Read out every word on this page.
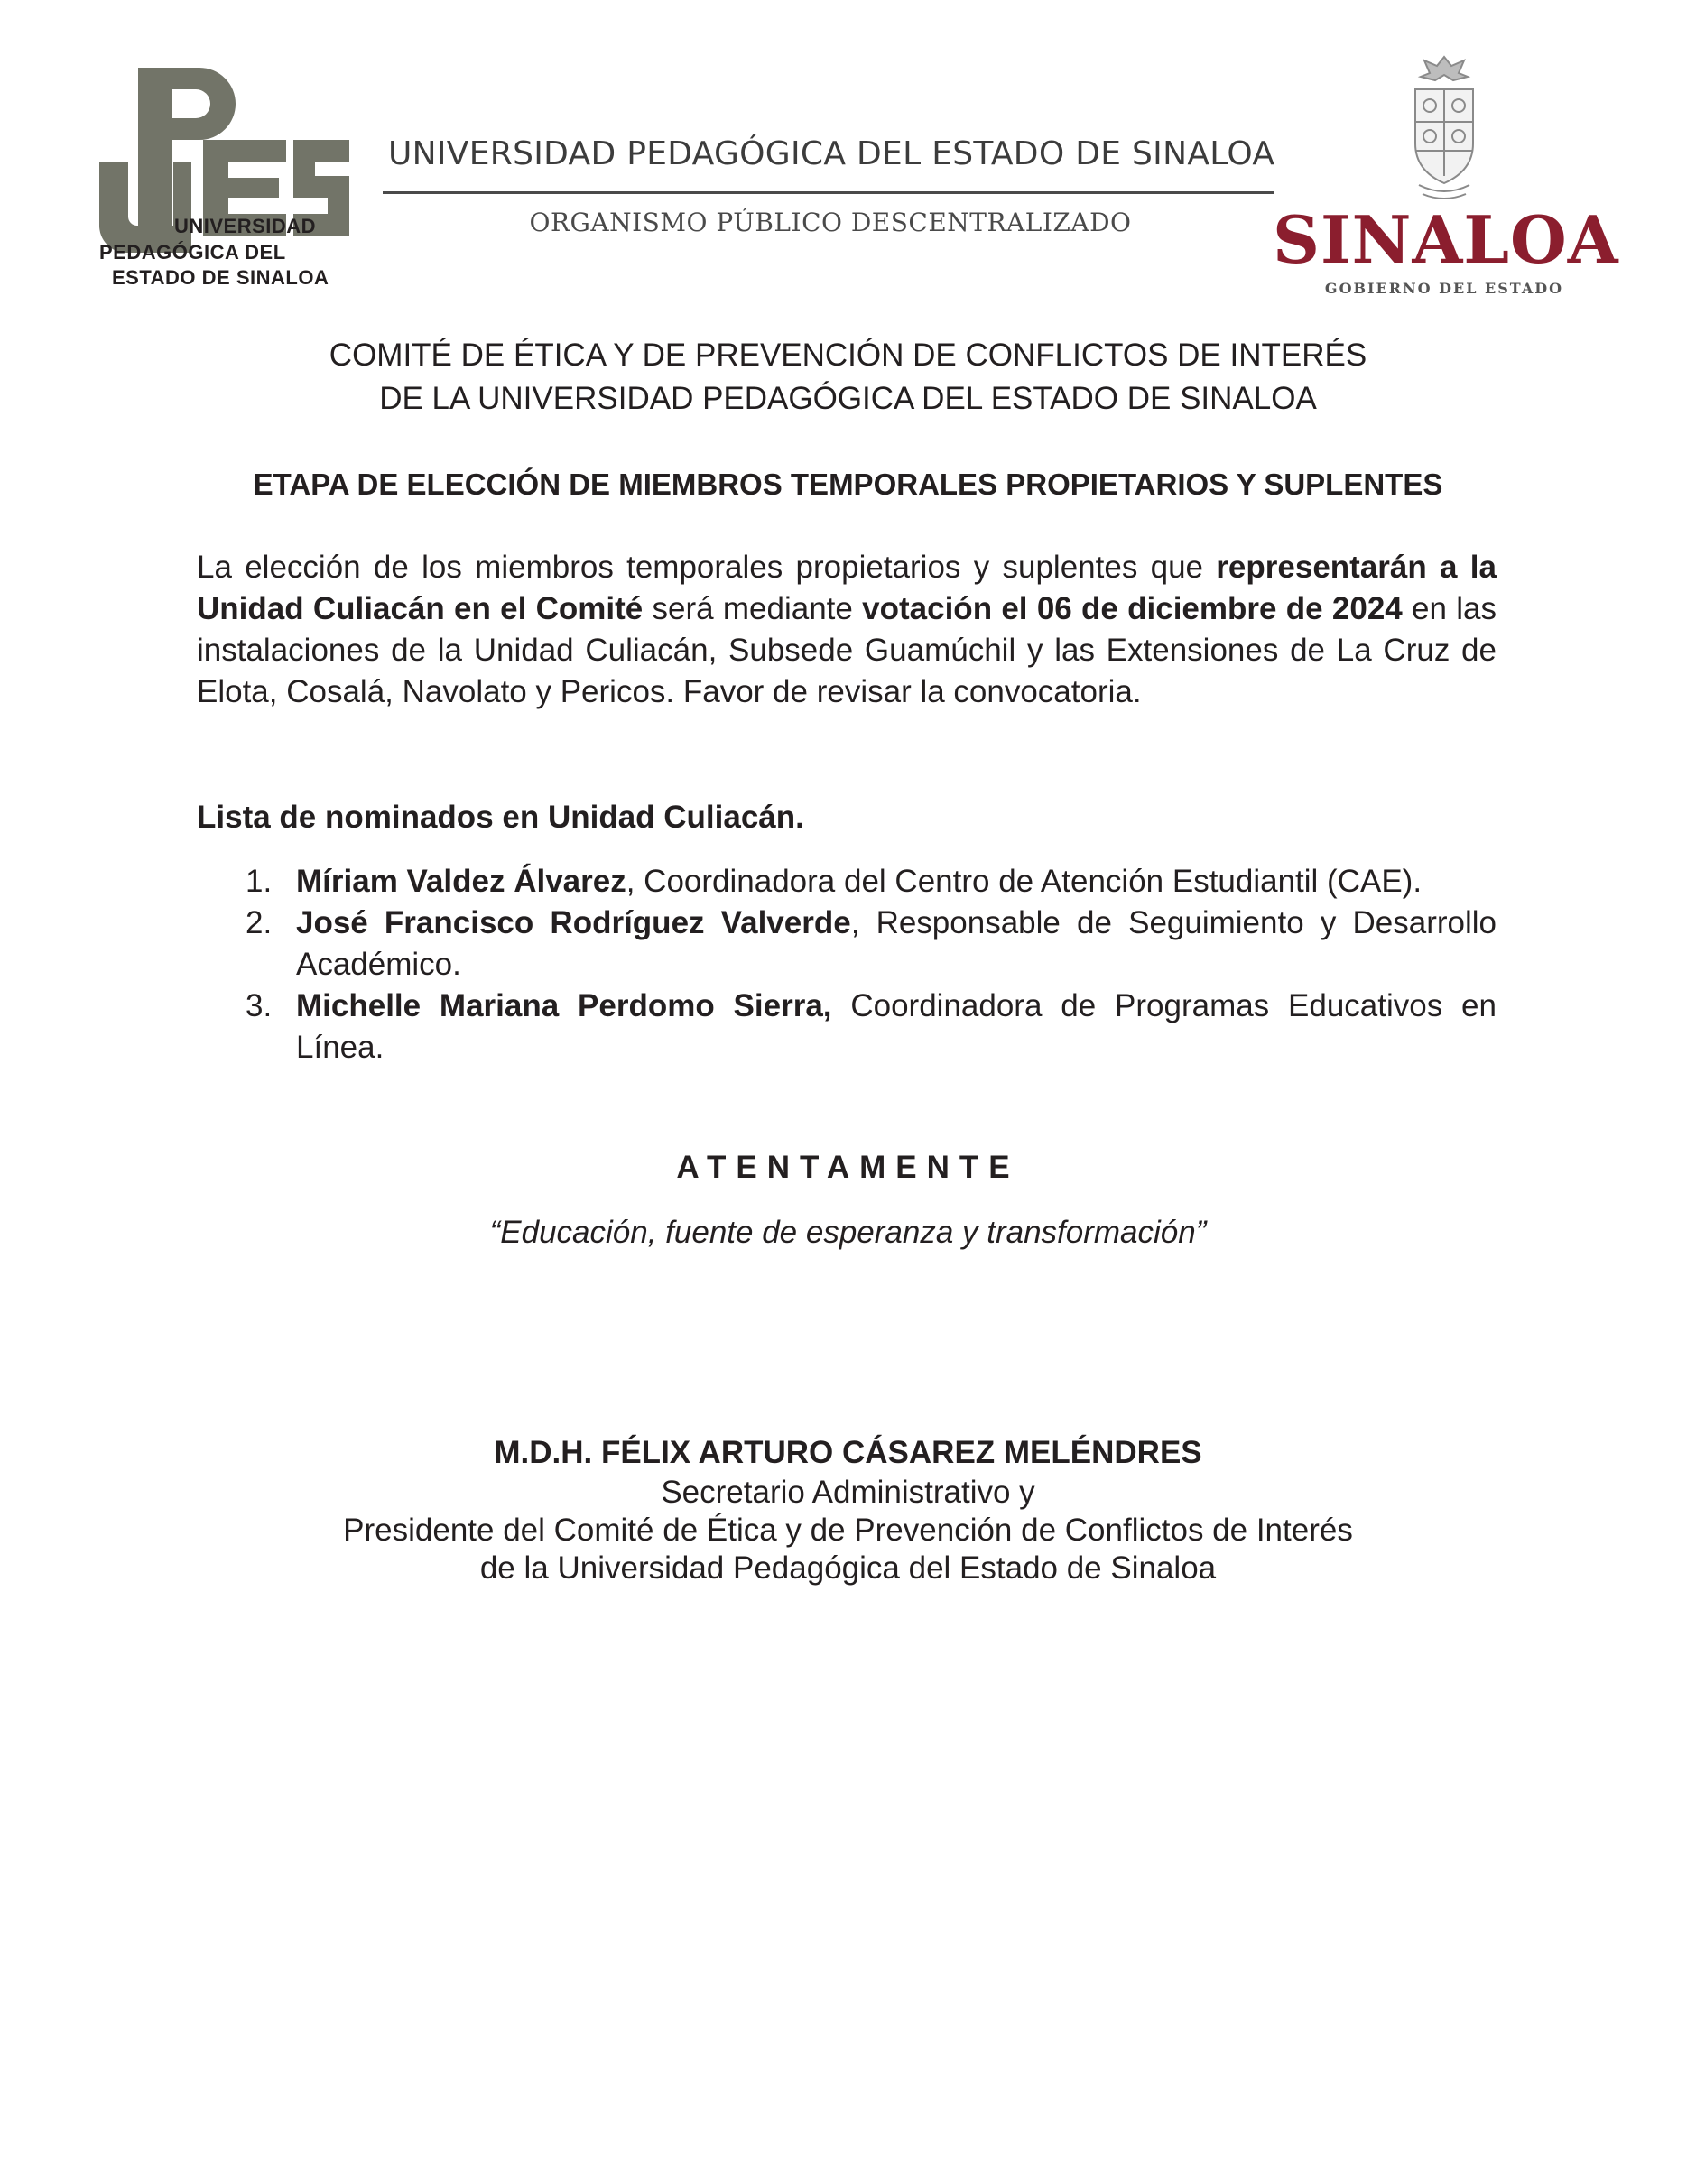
UNIVERSIDAD
PEDAGÓGICA DEL
ESTADO DE SINALOA
UNIVERSIDAD PEDAGÓGICA DEL ESTADO DE SINALOA
ORGANISMO PÚBLICO DESCENTRALIZADO	SINALOA
GOBIERNO DEL ESTADO
COMITÉ DE ÉTICA Y DE PREVENCIÓN DE CONFLICTOS DE INTERÉS
DE LA UNIVERSIDAD PEDAGÓGICA DEL ESTADO DE SINALOA
ETAPA DE ELECCIÓN DE MIEMBROS TEMPORALES PROPIETARIOS Y SUPLENTES
La elección de los miembros temporales propietarios y suplentes que representarán a la Unidad Culiacán en el Comité será mediante votación el 06 de diciembre de 2024 en las instalaciones de la Unidad Culiacán, Subsede Guamúchil y las Extensiones de La Cruz de Elota, Cosalá, Navolato y Pericos. Favor de revisar la convocatoria.
Lista de nominados en Unidad Culiacán.
1. Míriam Valdez Álvarez, Coordinadora del Centro de Atención Estudiantil (CAE).
2. José Francisco Rodríguez Valverde, Responsable de Seguimiento y Desarrollo Académico.
3. Michelle Mariana Perdomo Sierra, Coordinadora de Programas Educativos en Línea.
ATENTAMENTE
“Educación, fuente de esperanza y transformación”
M.D.H. FÉLIX ARTURO CÁSAREZ MELÉNDRES
Secretario Administrativo y
Presidente del Comité de Ética y de Prevención de Conflictos de Interés
de la Universidad Pedagógica del Estado de Sinaloa
